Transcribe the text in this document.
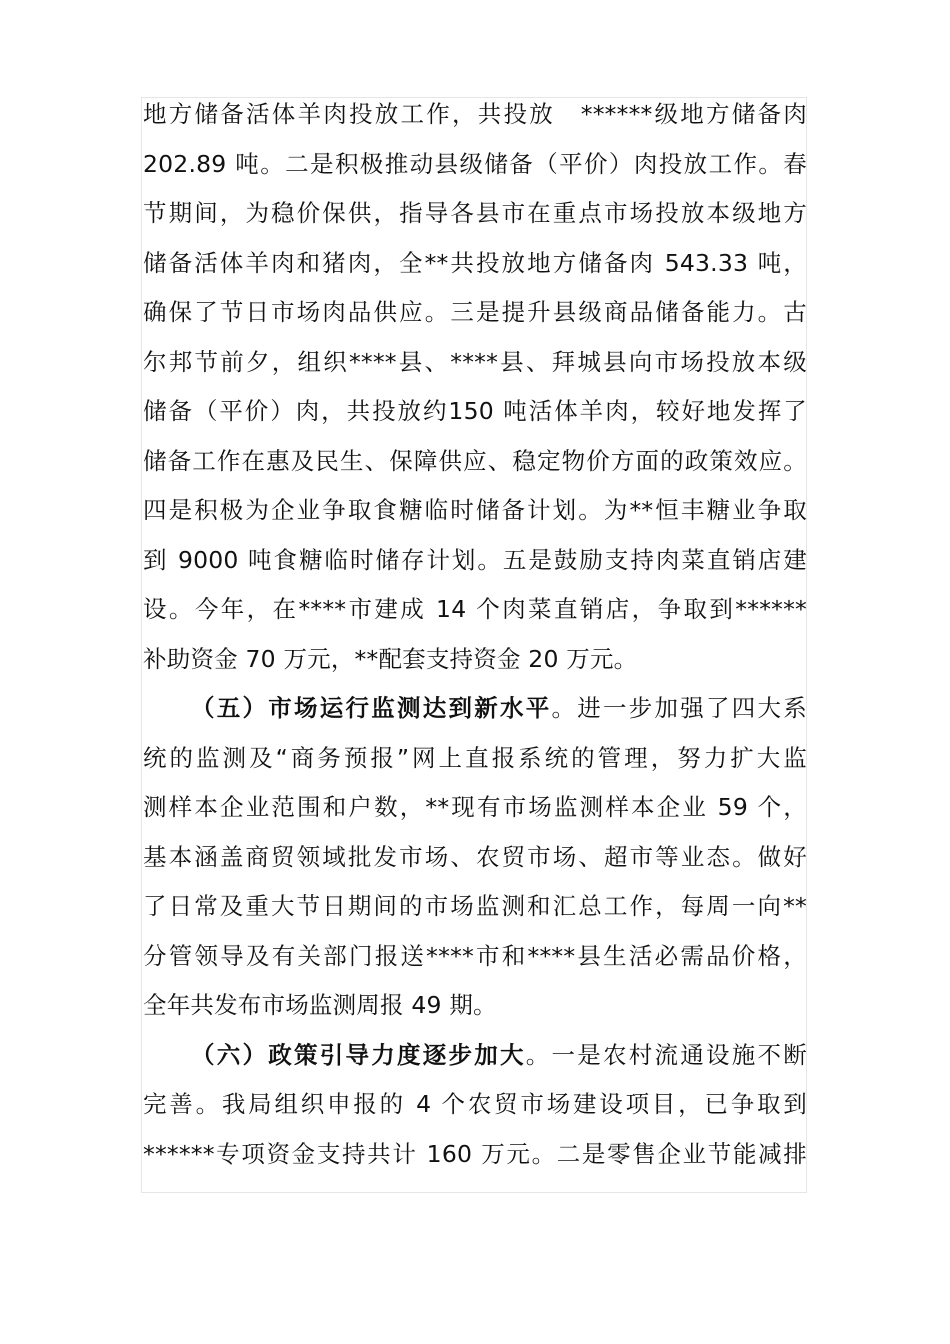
地方储备活体羊肉投放工作，共投放　******级地方储备肉
202.89 吨。二是积极推动县级储备（平价）肉投放工作。春
节期间，为稳价保供，指导各县市在重点市场投放本级地方
储备活体羊肉和猪肉，全**共投放地方储备肉 543.33 吨，
确保了节日市场肉品供应。三是提升县级商品储备能力。古
尔邦节前夕，组织****县、****县、拜城县向市场投放本级
储备（平价）肉，共投放约150 吨活体羊肉，较好地发挥了
储备工作在惠及民生、保障供应、稳定物价方面的政策效应。
四是积极为企业争取食糖临时储备计划。为**恒丰糖业争取
到 9000 吨食糖临时储存计划。五是鼓励支持肉菜直销店建
设。今年，在****市建成 14 个肉菜直销店，争取到******
补助资金 70 万元，**配套支持资金 20 万元。
（五）市场运行监测达到新水平。进一步加强了四大系
统的监测及“商务预报”网上直报系统的管理，努力扩大监
测样本企业范围和户数，**现有市场监测样本企业 59 个，
基本涵盖商贸领域批发市场、农贸市场、超市等业态。做好
了日常及重大节日期间的市场监测和汇总工作，每周一向**
分管领导及有关部门报送****市和****县生活必需品价格，
全年共发布市场监测周报 49 期。
（六）政策引导力度逐步加大。一是农村流通设施不断
完善。我局组织申报的 4 个农贸市场建设项目，已争取到
******专项资金支持共计 160 万元。二是零售企业节能减排
